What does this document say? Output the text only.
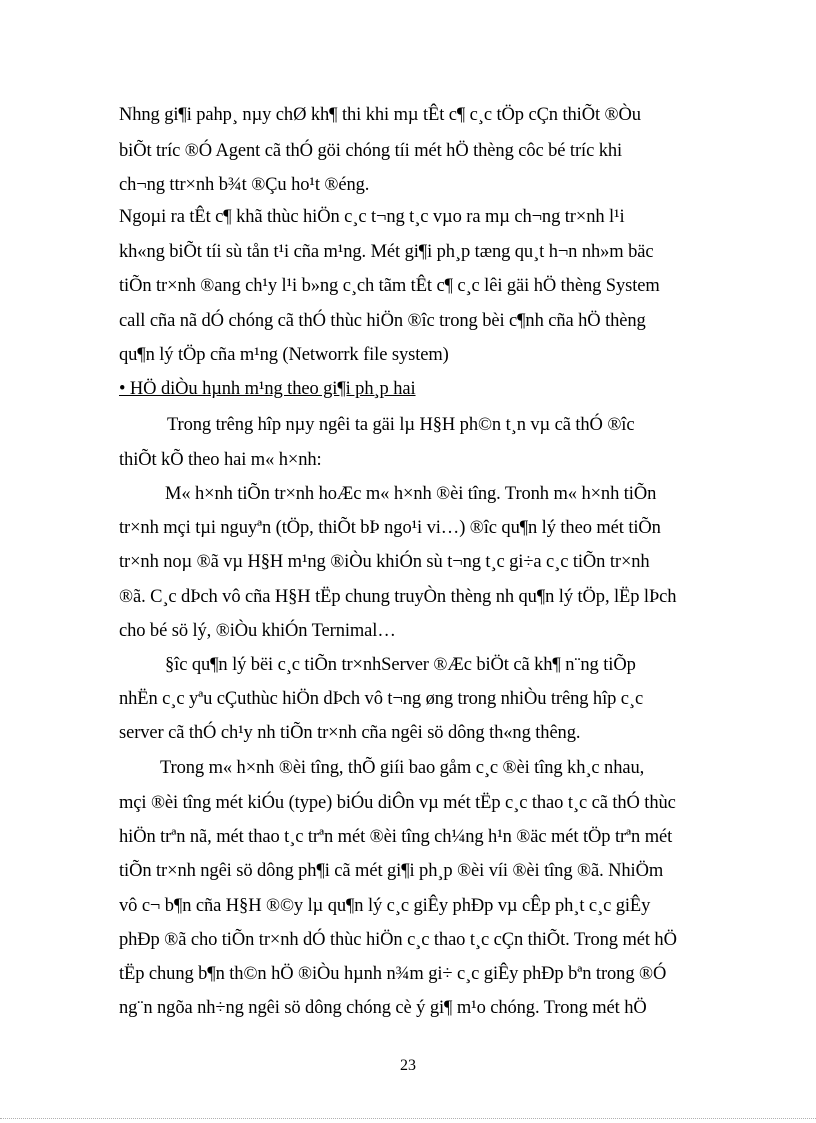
Nhng gi¶i pahp¸ nµy chØ kh¶ thi khi mµ tÊt c¶ c¸c tÖp cÇn thiÕt ®Òu
biÕt tríc ®Ó Agent cã thÓ göi chóng tíi mét hÖ thèng côc bé tríc khi
ch¬ng ttr×nh b¾t ®Çu ho¹t ®éng.
Ngoµi ra tÊt c¶ khã thùc hiÖn c¸c t¬ng t¸c vµo ra mµ ch¬ng tr×nh l¹i
kh«ng biÕt tíi sù tån t¹i cña m¹ng. Mét gi¶i ph¸p tæng qu¸t h¬n nh»m bäc
tiÕn tr×nh ®ang ch¹y l¹i b»ng c¸ch tãm tÊt c¶ c¸c lêi gäi hÖ thèng System
call cña nã dÓ chóng cã thÓ thùc hiÖn ®îc trong bèi c¶nh cña hÖ thèng
qu¶n lý tÖp cña m¹ng (Networrk file system)
• HÖ diÒu hµnh m¹ng theo gi¶i ph¸p hai
Trong trêng hîp nµy ngêi ta gäi lµ H§H ph©n t¸n vµ cã thÓ ®îc
thiÕt kÕ theo hai m« h×nh:
M« h×nh tiÕn tr×nh hoÆc m« h×nh ®èi tîng. Tronh m« h×nh tiÕn
tr×nh mçi tµi nguyªn (tÖp, thiÕt bÞ ngo¹i vi…) ®îc qu¶n lý theo mét tiÕn
tr×nh noµ ®ã vµ H§H m¹ng ®iÒu khiÓn sù t¬ng t¸c gi÷a c¸c tiÕn tr×nh
®ã. C¸c dÞch vô cña H§H tËp chung truyÒn thèng nh qu¶n lý tÖp, lËp lÞch
cho bé sö lý, ®iÒu khiÓn Ternimal…
§îc qu¶n lý bëi c¸c tiÕn tr×nhServer ®Æc biÖt cã kh¶ n¨ng tiÕp
nhËn c¸c yªu cÇuthùc hiÖn dÞch vô t¬ng øng trong nhiÒu trêng hîp c¸c
server cã thÓ ch¹y nh tiÕn tr×nh cña ngêi sö dông th«ng thêng.
Trong m« h×nh ®èi tîng, thÕ giíi bao gåm c¸c ®èi tîng kh¸c nhau,
mçi ®èi tîng mét kiÓu (type) biÓu diÔn vµ mét tËp c¸c thao t¸c cã thÓ thùc
hiÖn trªn nã, mét thao t¸c trªn mét ®èi tîng ch¼ng h¹n ®äc mét tÖp trªn mét
tiÕn tr×nh ngêi sö dông ph¶i cã mét gi¶i ph¸p ®èi víi ®èi tîng ®ã. NhiÖm
vô c¬ b¶n cña H§H ®©y lµ qu¶n lý c¸c giÊy phÐp vµ cÊp ph¸t c¸c giÊy
phÐp ®ã cho tiÕn tr×nh dÓ thùc hiÖn c¸c thao t¸c cÇn thiÕt. Trong mét hÖ
tËp chung b¶n th©n hÖ ®iÒu hµnh n¾m gi÷ c¸c giÊy phÐp bªn trong ®Ó
ng¨n ngõa nh÷ng ngêi sö dông chóng cè ý gi¶ m¹o chóng. Trong mét hÖ
23
